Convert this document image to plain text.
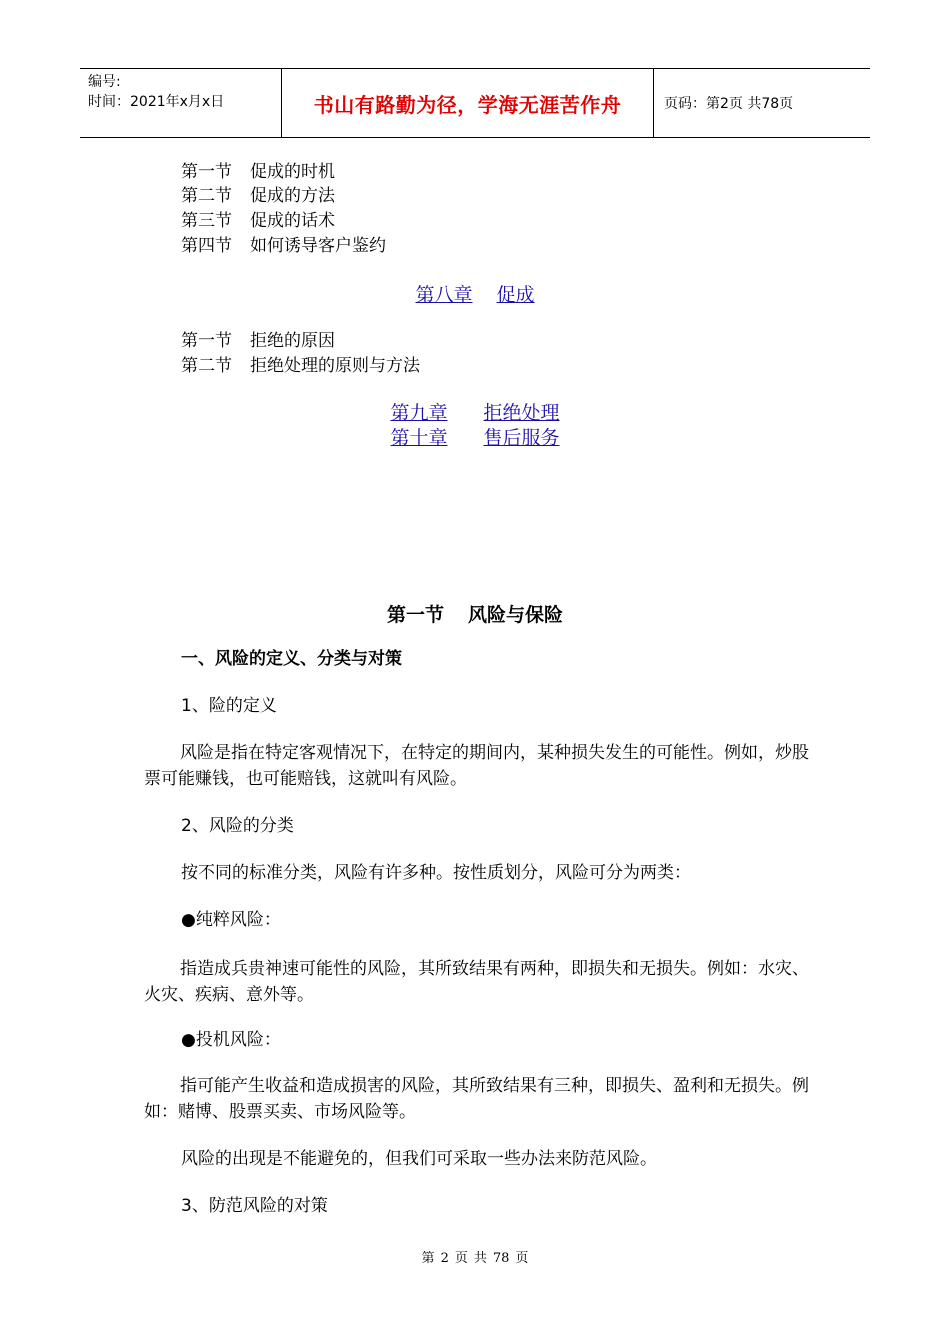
编号:
时间：2021年x月x日	书山有路勤为径，学海无涯苦作舟	页码：第2页 共78页
第一节 促成的时机
第二节 促成的方法
第三节 促成的话术
第四节 如何诱导客户鉴约
第八章 促成
第一节 拒绝的原因
第二节 拒绝处理的原则与方法
第九章 拒绝处理
第十章 售后服务
第一节 风险与保险
一、风险的定义、分类与对策
1、险的定义
风险是指在特定客观情况下，在特定的期间内，某种损失发生的可能性。例如，炒股票可能赚钱，也可能赔钱，这就叫有风险。
2、风险的分类
按不同的标准分类，风险有许多种。按性质划分，风险可分为两类：
●纯粹风险：
指造成兵贵神速可能性的风险，其所致结果有两种，即损失和无损失。例如：水灾、火灾、疾病、意外等。
●投机风险：
指可能产生收益和造成损害的风险，其所致结果有三种，即损失、盈利和无损失。例如：赌博、股票买卖、市场风险等。
风险的出现是不能避免的，但我们可采取一些办法来防范风险。
3、防范风险的对策
第 2 页 共 78 页
